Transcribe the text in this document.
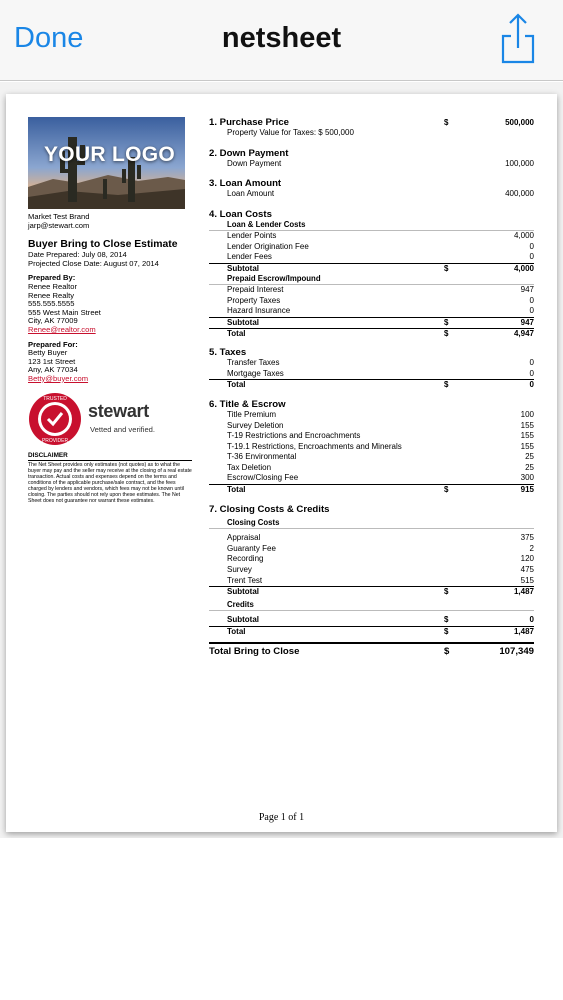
Done	netsheet
YOUR LOGO
Market Test Brand
jarp@stewart.com
Buyer Bring to Close Estimate
Date Prepared: July 08, 2014
Projected Close Date: August 07, 2014
Prepared By:
Renee Realtor
Renee Realty
555.555.5555
555 West Main Street
City, AK 77009
Renee@realtor.com
Prepared For:
Betty Buyer
123 1st Street
Any, AK 77034
Betty@buyer.com
TRUSTED
PROVIDER
stewart
Vetted and verified.
DISCLAIMER
The Net Sheet provides only estimates (not quotes) as to what the buyer may pay and the seller may receive at the closing of a real estate transaction. Actual costs and expenses depend on the terms and conditions of the applicable purchase/sale contract, and the fees charged by lenders and vendors, which fees may not be known until closing. The parties should not rely upon these estimates. The Net Sheet does not guarantee nor warrant these estimates.
1. Purchase Price	$	500,000
Property Value for Taxes: $ 500,000
2. Down Payment
Down Payment	100,000
3. Loan Amount
Loan Amount	400,000
4. Loan Costs
Loan & Lender Costs
Lender Points	4,000
Lender Origination Fee	0
Lender Fees	0
Subtotal	$	4,000
Prepaid Escrow/Impound
Prepaid Interest	947
Property Taxes	0
Hazard Insurance	0
Subtotal	$	947
Total	$	4,947
5. Taxes
Transfer Taxes	0
Mortgage Taxes	0
Total	$	0
6. Title & Escrow
Title Premium	100
Survey Deletion	155
T-19 Restrictions and Encroachments	155
T-19.1 Restrictions, Encroachments and Minerals	155
T-36 Environmental	25
Tax Deletion	25
Escrow/Closing Fee	300
Total	$	915
7. Closing Costs & Credits
Closing Costs
Appraisal	375
Guaranty Fee	2
Recording	120
Survey	475
Trent Test	515
Subtotal	$	1,487
Credits
Subtotal	$	0
Total	$	1,487
Total Bring to Close	$	107,349
Page 1 of 1
